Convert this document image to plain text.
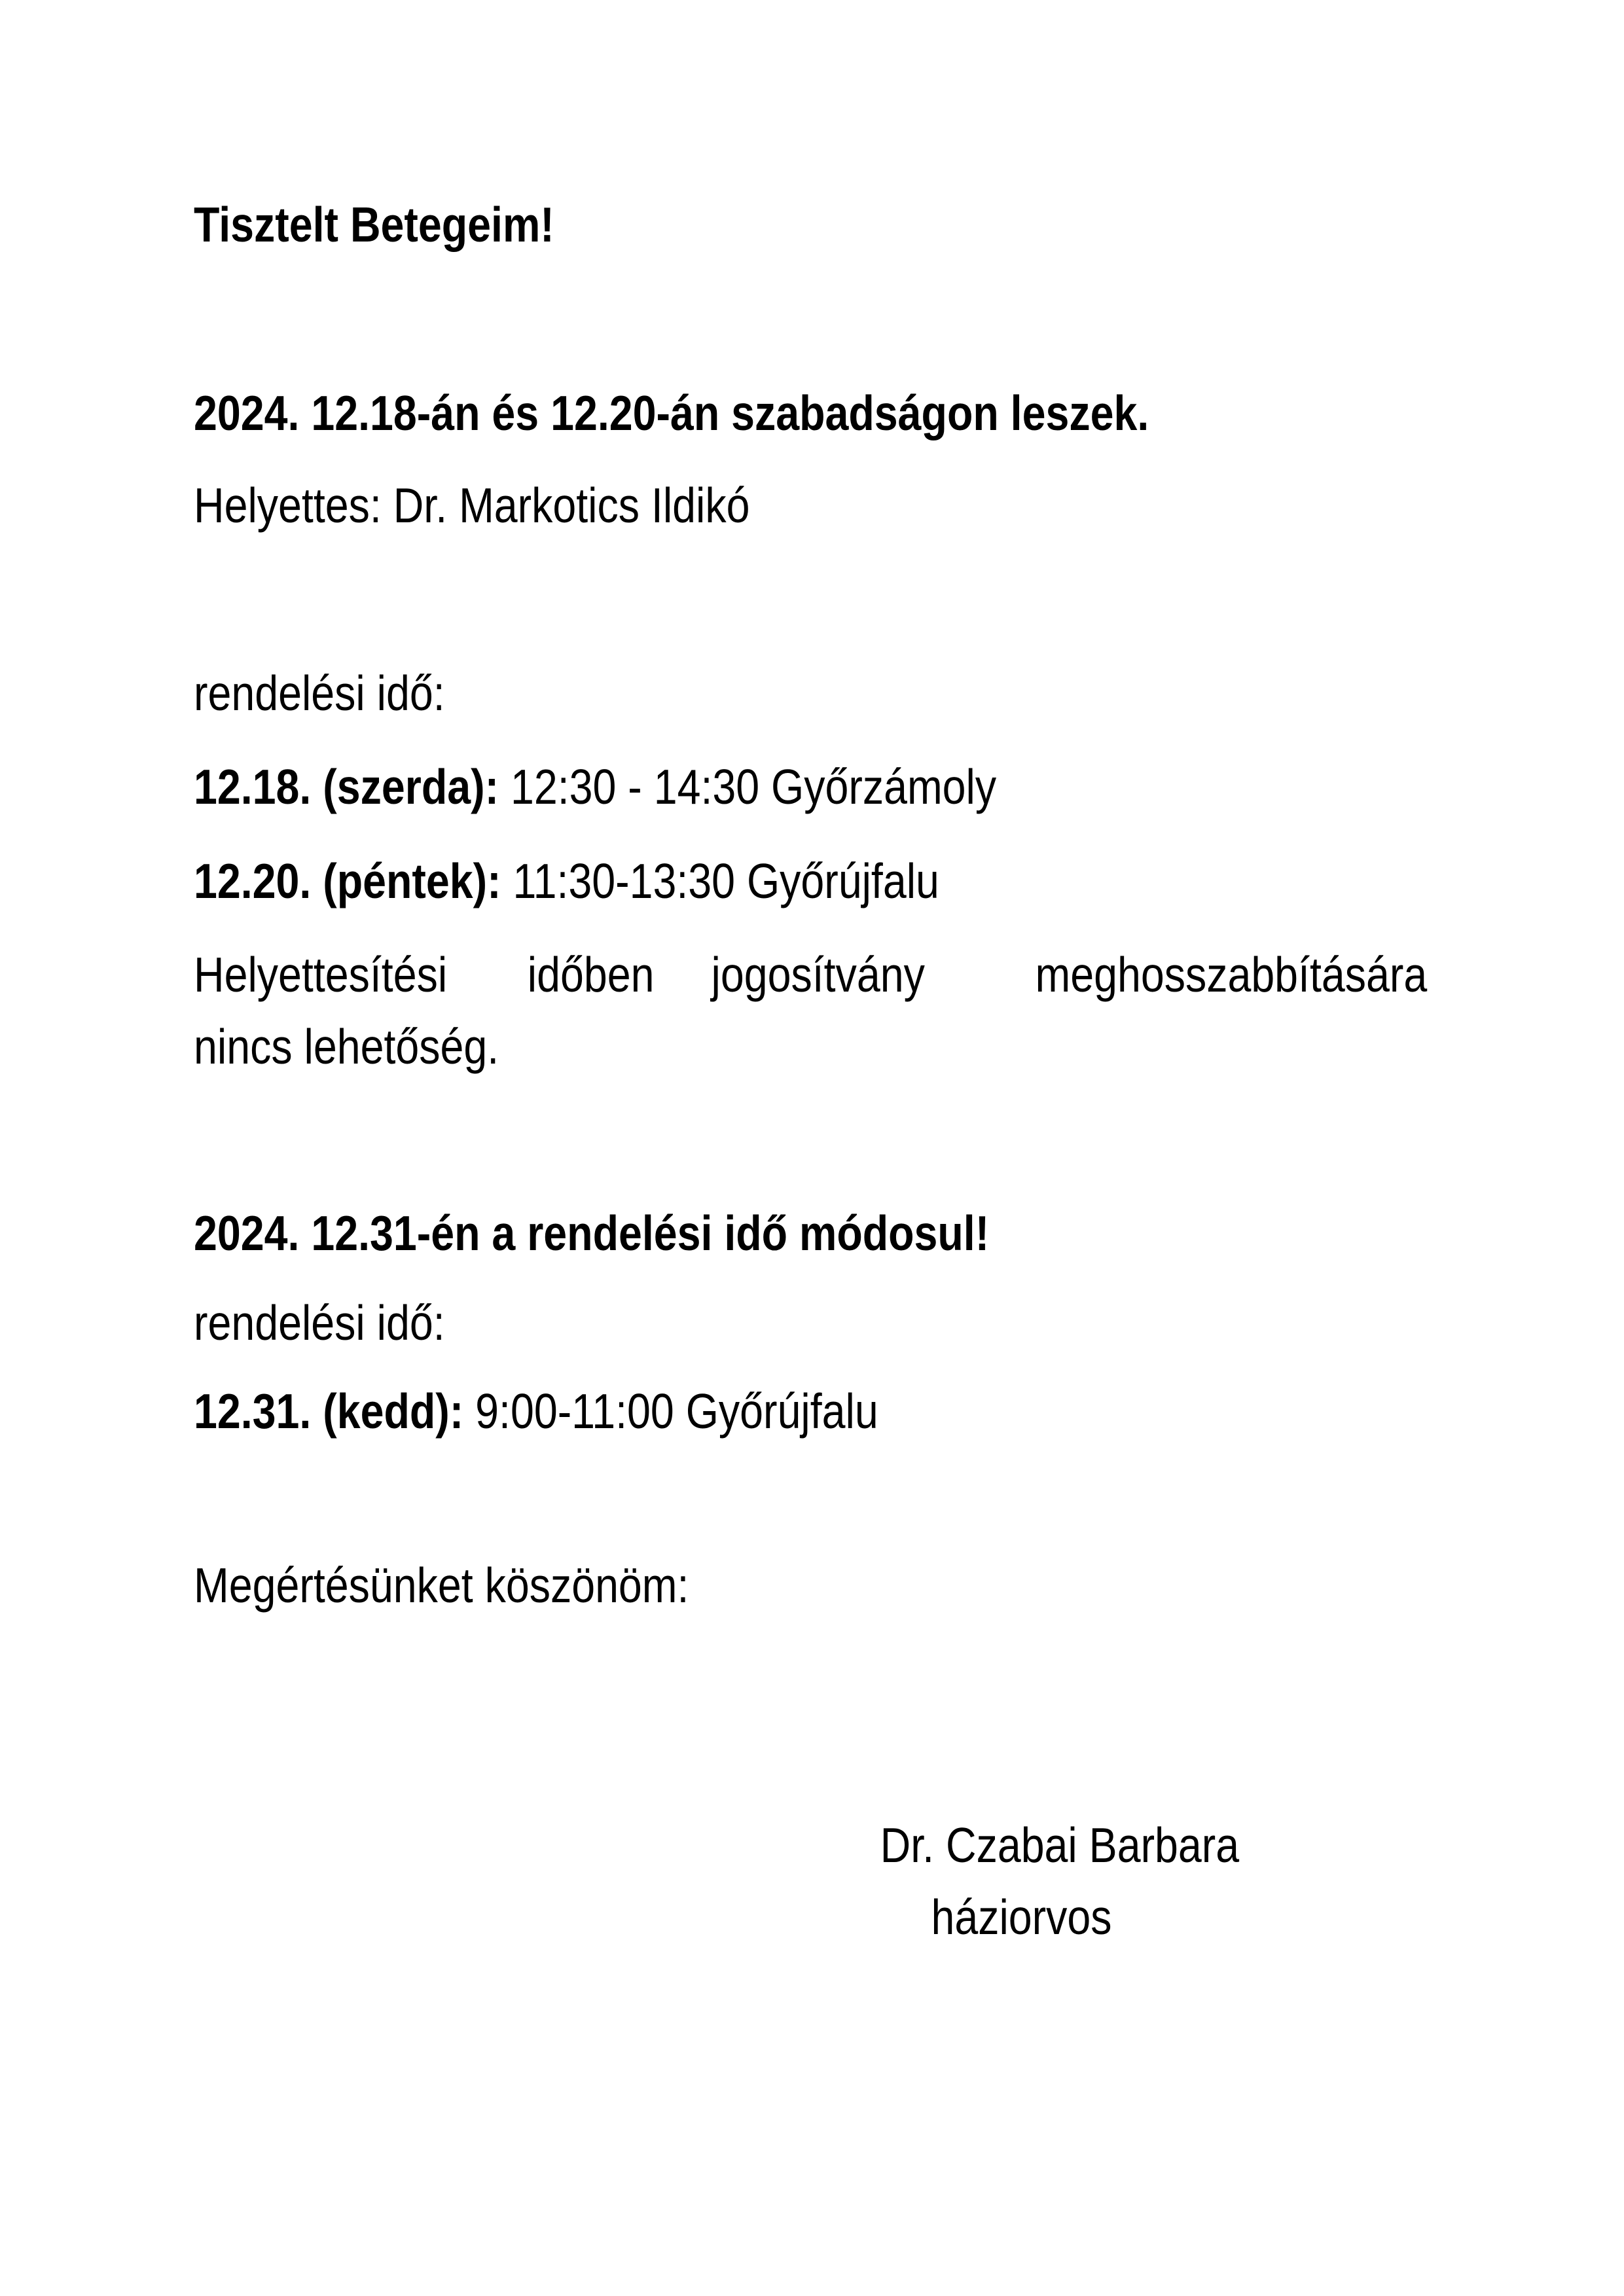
Tisztelt Betegeim!
2024. 12.18-án és 12.20-án szabadságon leszek.
Helyettes: Dr. Markotics Ildikó
rendelési idő:
12.18. (szerda): 12:30 - 14:30 Győrzámoly
12.20. (péntek): 11:30-13:30 Győrújfalu
Helyettesítési időben jogosítvány meghosszabbítására
nincs lehetőség.
2024. 12.31-én a rendelési idő módosul!
rendelési idő:
12.31. (kedd): 9:00-11:00 Győrújfalu
Megértésünket köszönöm:
Dr. Czabai Barbara
háziorvos
